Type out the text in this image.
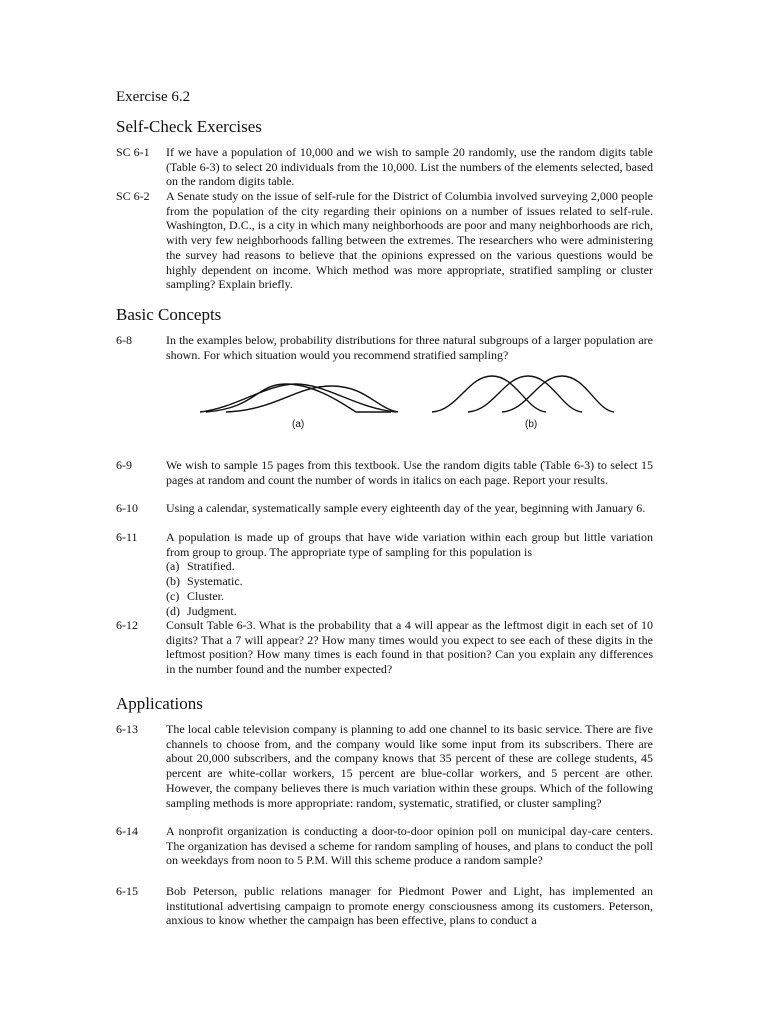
Exercise 6.2
Self-Check Exercises
SC 6-1 If we have a population of 10,000 and we wish to sample 20 randomly, use the random digits table (Table 6-3) to select 20 individuals from the 10,000. List the numbers of the elements selected, based on the random digits table.
SC 6-2 A Senate study on the issue of self-rule for the District of Columbia involved surveying 2,000 people from the population of the city regarding their opinions on a number of issues related to self-rule. Washington, D.C., is a city in which many neighborhoods are poor and many neighborhoods are rich, with very few neighborhoods falling between the extremes. The researchers who were administering the survey had reasons to believe that the opinions expressed on the various questions would be highly dependent on income. Which method was more appropriate, stratified sampling or cluster sampling? Explain briefly.
Basic Concepts
6-8	In the examples below, probability distributions for three natural subgroups of a larger population are shown. For which situation would you recommend stratified sampling?
(a)	(b)
6-9	We wish to sample 15 pages from this textbook. Use the random digits table (Table 6-3) to select 15 pages at random and count the number of words in italics on each page. Report your results.
6-10 Using a calendar, systematically sample every eighteenth day of the year, beginning with January 6.
6-11 A population is made up of groups that have wide variation within each group but little variation from group to group. The appropriate type of sampling for this population is
(a) Stratified.
(b) Systematic.
(c) Cluster.
(d) Judgment.
6-12 Consult Table 6-3. What is the probability that a 4 will appear as the leftmost digit in each set of 10 digits? That a 7 will appear? 2? How many times would you expect to see each of these digits in the leftmost position? How many times is each found in that position? Can you explain any differences in the number found and the number expected?
Applications
6-13 The local cable television company is planning to add one channel to its basic service. There are five channels to choose from, and the company would like some input from its subscribers. There are about 20,000 subscribers, and the company knows that 35 percent of these are college students, 45 percent are white-collar workers, 15 percent are blue-collar workers, and 5 percent are other. However, the company believes there is much variation within these groups. Which of the following sampling methods is more appropriate: random, systematic, stratified, or cluster sampling?
6-14 A nonprofit organization is conducting a door-to-door opinion poll on municipal day-care centers. The organization has devised a scheme for random sampling of houses, and plans to conduct the poll on weekdays from noon to 5 P.M. Will this scheme produce a random sample?
6-15 Bob Peterson, public relations manager for Piedmont Power and Light, has implemented an institutional advertising campaign to promote energy consciousness among its customers. Peterson, anxious to know whether the campaign has been effective, plans to conduct a
